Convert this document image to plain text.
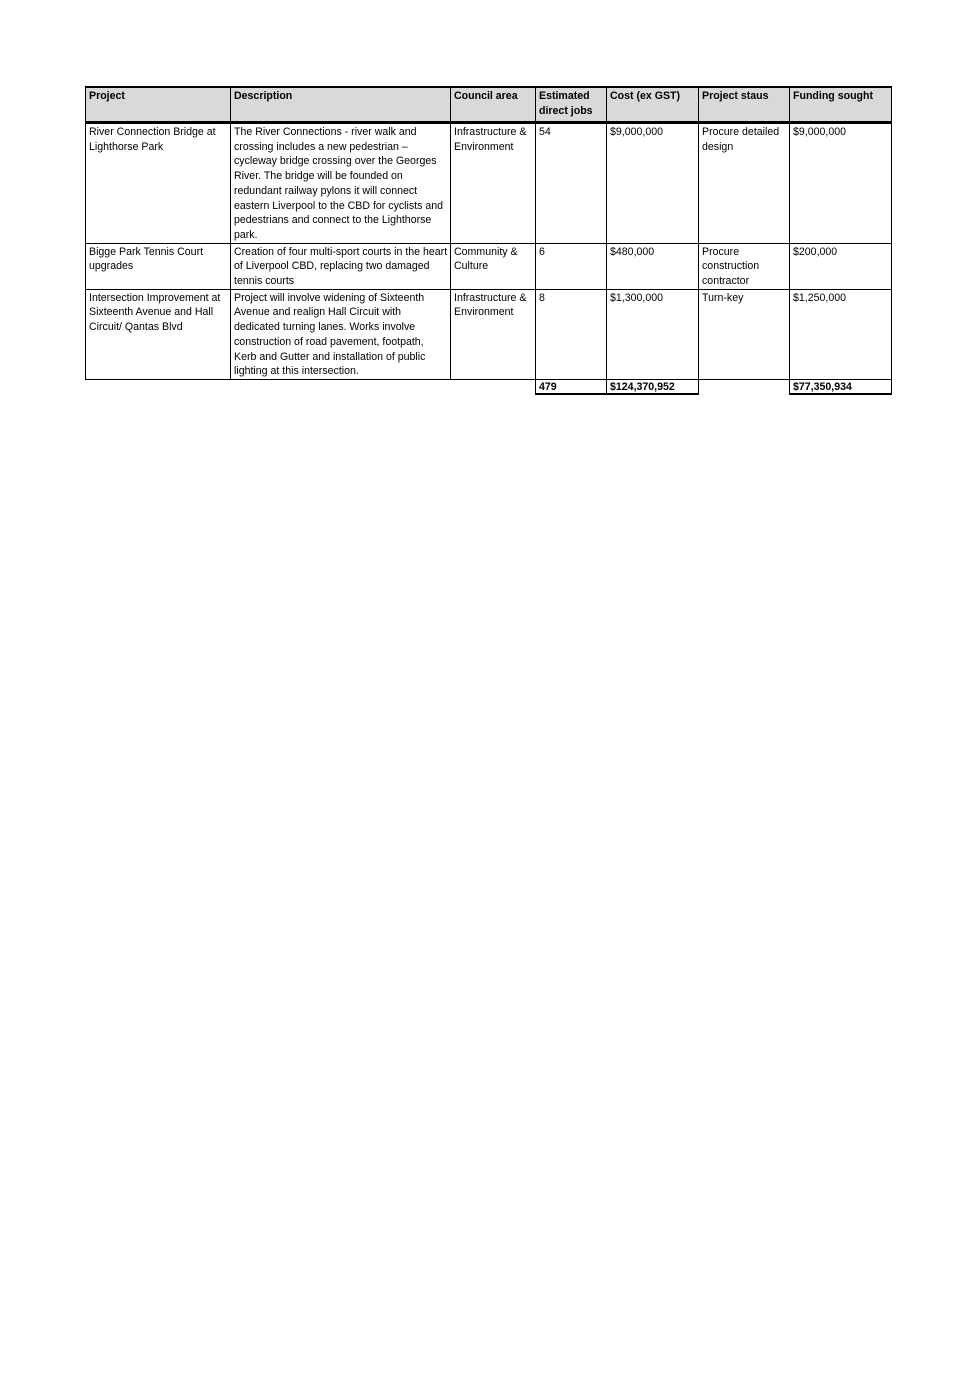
Project	Description	Council area	Estimated direct jobs	Cost (ex GST)	Project staus	Funding sought
River Connection Bridge at Lighthorse Park	The River Connections - river walk and crossing includes a new pedestrian – cycleway bridge crossing over the Georges River. The bridge will be founded on redundant railway pylons it will connect eastern Liverpool to the CBD for cyclists and pedestrians and connect to the Lighthorse park.	Infrastructure & Environment	54	$9,000,000	Procure detailed design	$9,000,000
Bigge Park Tennis Court upgrades	Creation of four multi-sport courts in the heart of Liverpool CBD, replacing two damaged tennis courts	Community & Culture	6	$480,000	Procure construction contractor	$200,000
Intersection Improvement at Sixteenth Avenue and Hall Circuit/ Qantas Blvd	Project will involve widening of Sixteenth Avenue and realign Hall Circuit with dedicated turning lanes. Works involve construction of road pavement, footpath, Kerb and Gutter and installation of public lighting at this intersection.	Infrastructure & Environment	8	$1,300,000	Turn-key	$1,250,000
			479	$124,370,952		$77,350,934
